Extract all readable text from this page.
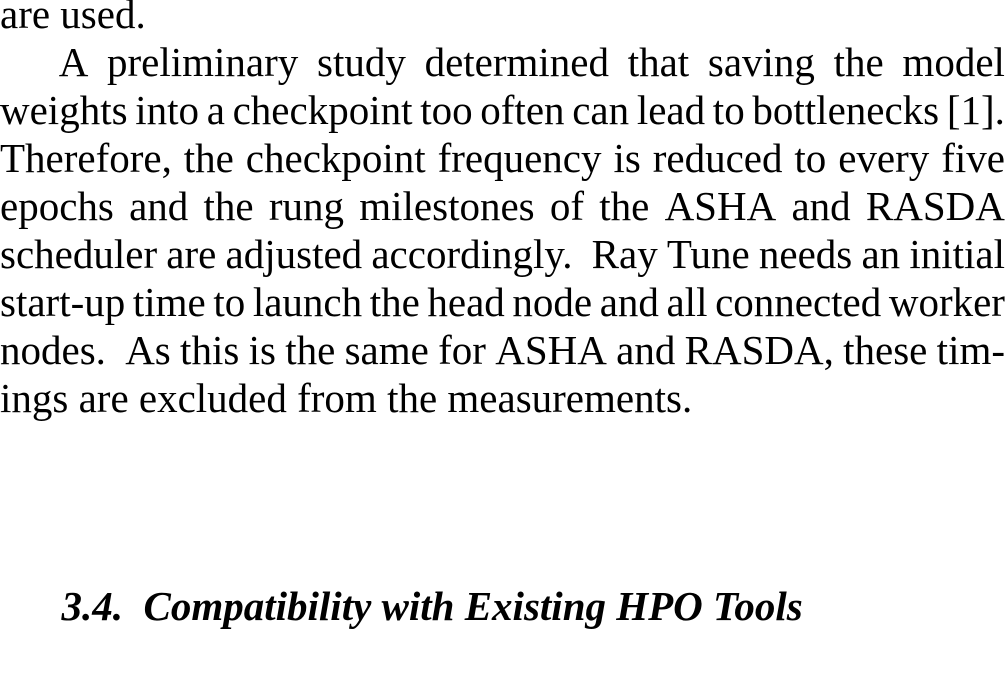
are used.
A preliminary study determined that saving the model
weights into a checkpoint too often can lead to bottlenecks [1].
Therefore, the checkpoint frequency is reduced to every five
epochs and the rung milestones of the ASHA and RASDA
scheduler are adjusted accordingly. Ray Tune needs an initial
start-up time to launch the head node and all connected worker
nodes. As this is the same for ASHA and RASDA, these tim-
ings are excluded from the measurements.

3.4.  Compatibility with Existing HPO Tools
